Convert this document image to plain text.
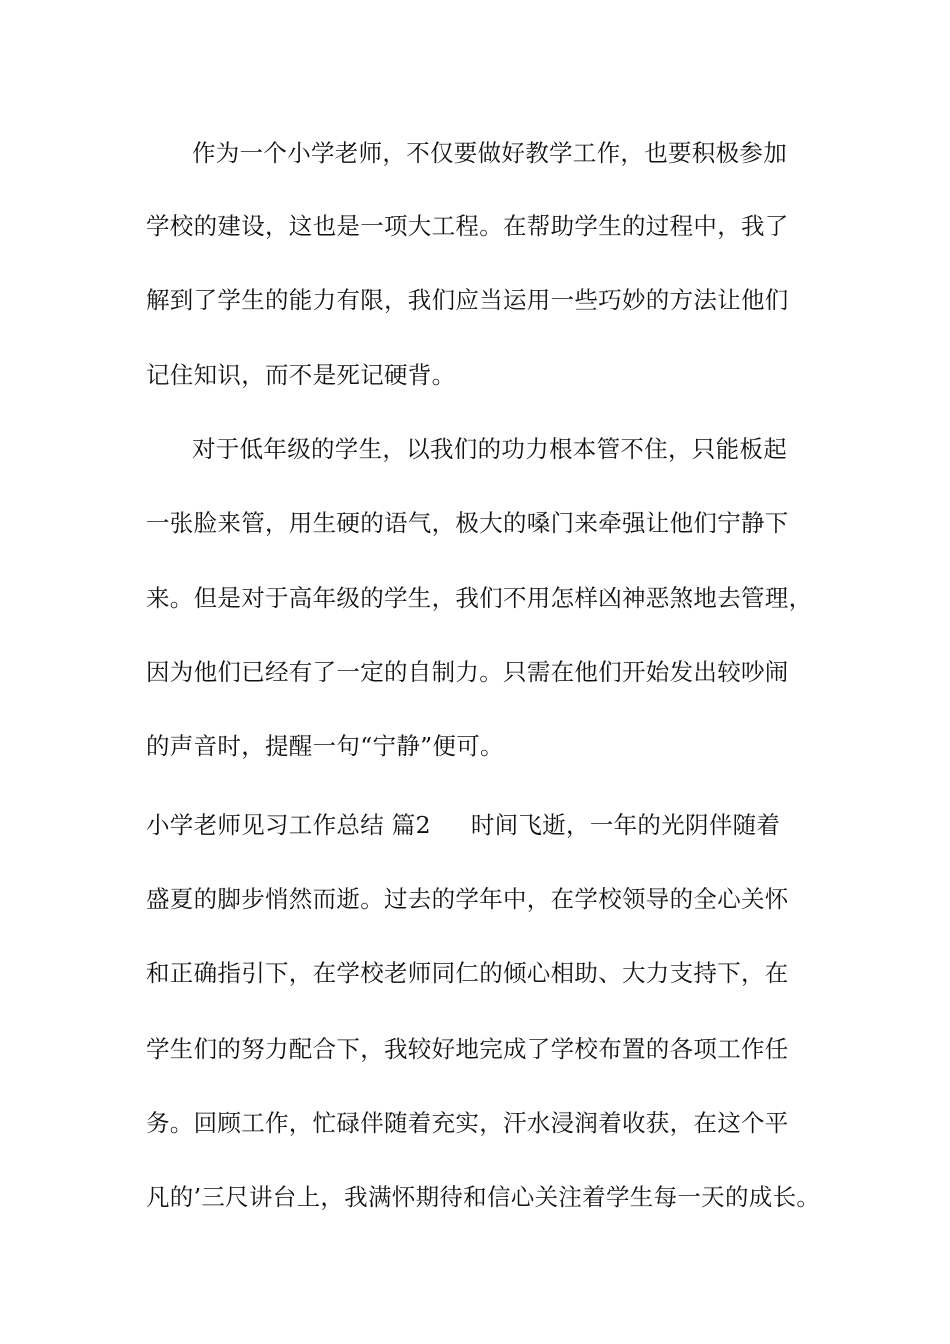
作为一个小学老师，不仅要做好教学工作，也要积极参加
学校的建设，这也是一项大工程。在帮助学生的过程中，我了
解到了学生的能力有限，我们应当运用一些巧妙的方法让他们
记住知识，而不是死记硬背。
对于低年级的学生，以我们的功力根本管不住，只能板起
一张脸来管，用生硬的语气，极大的嗓门来牵强让他们宁静下
来。但是对于高年级的学生，我们不用怎样凶神恶煞地去管理，
因为他们已经有了一定的自制力。只需在他们开始发出较吵闹
的声音时，提醒一句“宁静”便可。
小学老师见习工作总结 篇2 时间飞逝，一年的光阴伴随着
盛夏的脚步悄然而逝。过去的学年中，在学校领导的全心关怀
和正确指引下，在学校老师同仁的倾心相助、大力支持下，在
学生们的努力配合下，我较好地完成了学校布置的各项工作任
务。回顾工作，忙碌伴随着充实，汗水浸润着收获，在这个平
凡的’三尺讲台上，我满怀期待和信心关注着学生每一天的成长。
